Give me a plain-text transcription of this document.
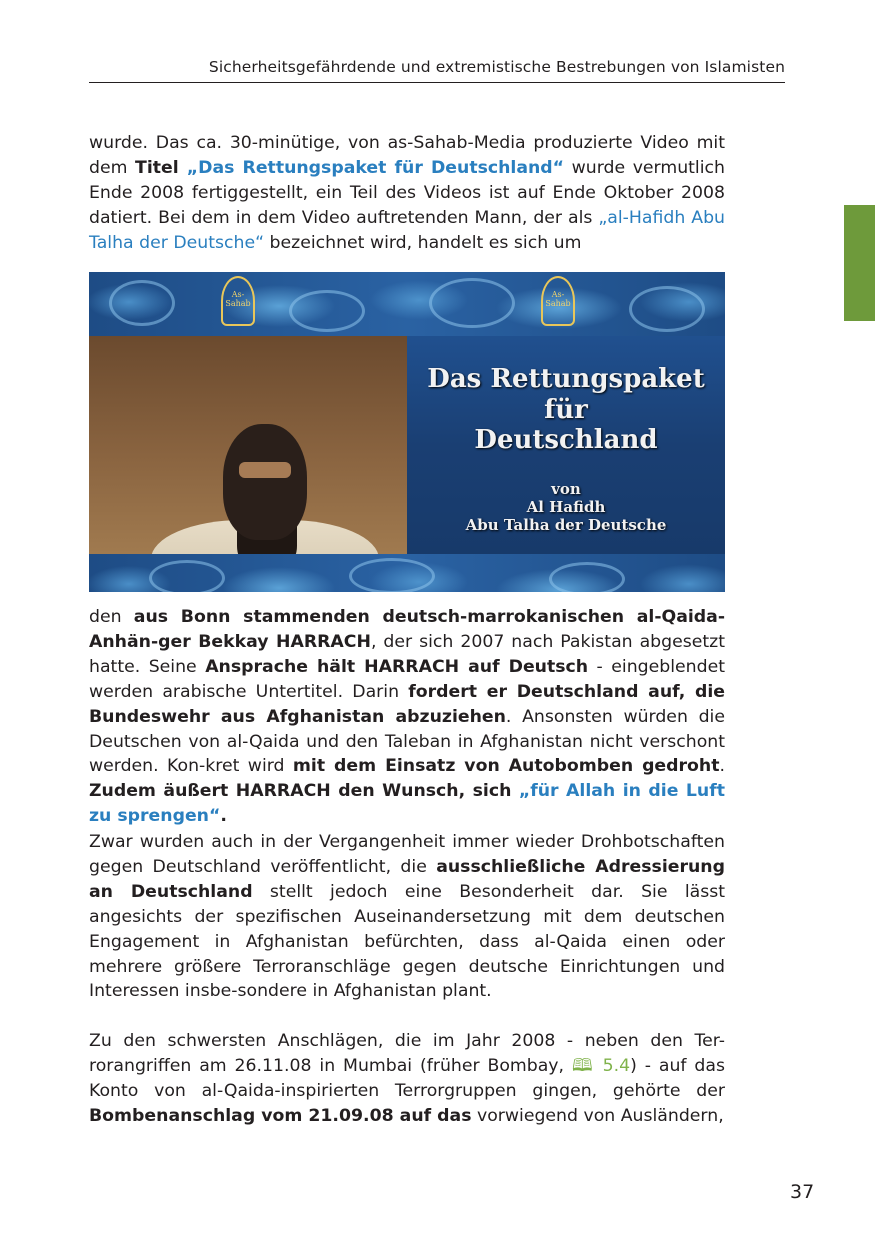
Sicherheitsgefährdende und extremistische Bestrebungen von Islamisten
wurde. Das ca. 30-minütige, von as-Sahab-Media produzierte Video mit dem Titel „Das Rettungspaket für Deutschland“ wurde vermutlich Ende 2008 fertiggestellt, ein Teil des Videos ist auf Ende Oktober 2008 datiert. Bei dem in dem Video auftretenden Mann, der als „al-Hafidh Abu Talha der Deutsche“ bezeichnet wird, handelt es sich um
As-Sahab
As-Sahab
Das Rettungspaket
für
Deutschland
von
Al Hafidh
Abu Talha der Deutsche
den aus Bonn stammenden deutsch-marrokanischen al-Qaida-Anhän-ger Bekkay HARRACH, der sich 2007 nach Pakistan abgesetzt hatte. Seine Ansprache hält HARRACH auf Deutsch - eingeblendet werden arabische Untertitel. Darin fordert er Deutschland auf, die Bundeswehr aus Afghanistan abzuziehen. Ansonsten würden die Deutschen von al-Qaida und den Taleban in Afghanistan nicht verschont werden. Kon-kret wird mit dem Einsatz von Autobomben gedroht. Zudem äußert HARRACH den Wunsch, sich „für Allah in die Luft zu sprengen“.
Zwar wurden auch in der Vergangenheit immer wieder Drohbotschaften gegen Deutschland veröffentlicht, die ausschließliche Adressierung an Deutschland stellt jedoch eine Besonderheit dar. Sie lässt angesichts der spezifischen Auseinandersetzung mit dem deutschen Engagement in Afghanistan befürchten, dass al-Qaida einen oder mehrere größere Terroranschläge gegen deutsche Einrichtungen und Interessen insbe-sondere in Afghanistan plant.
Zu den schwersten Anschlägen, die im Jahr 2008 - neben den Ter-rorangriffen am 26.11.08 in Mumbai (früher Bombay, 🕮 5.4) - auf das Konto von al-Qaida-inspirierten Terrorgruppen gingen, gehörte der Bombenanschlag vom 21.09.08 auf das vorwiegend von Ausländern,
37
